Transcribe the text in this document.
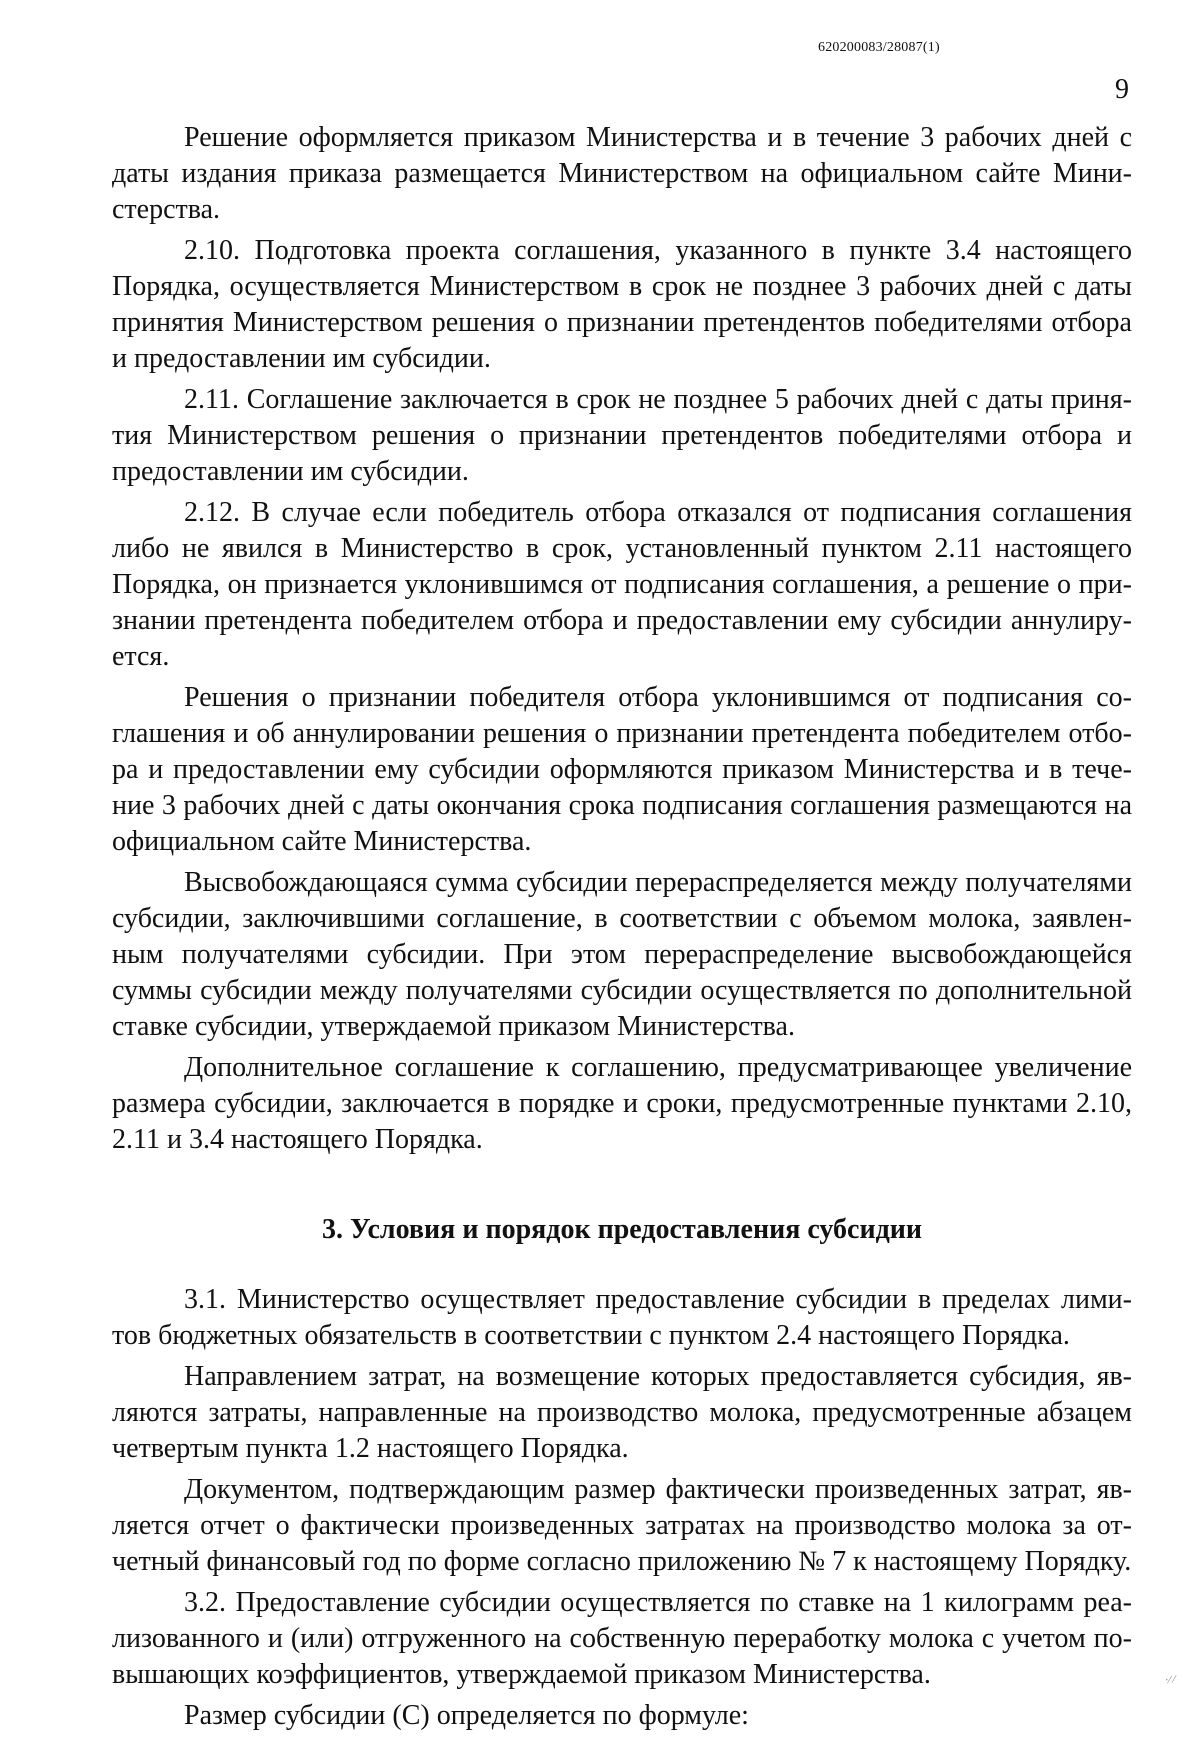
620200083/28087(1)
9

Решение оформляется приказом Министерства и в течение 3 рабочих дней с даты издания приказа размещается Министерством на официальном сайте Министерства.

2.10. Подготовка проекта соглашения, указанного в пункте 3.4 настоящего Порядка, осуществляется Министерством в срок не позднее 3 рабочих дней с даты принятия Министерством решения о признании претендентов победителями отбора и предоставлении им субсидии.

2.11. Соглашение заключается в срок не позднее 5 рабочих дней с даты принятия Министерством решения о признании претендентов победителями отбора и предоставлении им субсидии.

2.12. В случае если победитель отбора отказался от подписания соглашения либо не явился в Министерство в срок, установленный пунктом 2.11 настоящего Порядка, он признается уклонившимся от подписания соглашения, а решение о признании претендента победителем отбора и предоставлении ему субсидии аннулируется.

Решения о признании победителя отбора уклонившимся от подписания соглашения и об аннулировании решения о признании претендента победителем отбора и предоставлении ему субсидии оформляются приказом Министерства и в течение 3 рабочих дней с даты окончания срока подписания соглашения размещаются на официальном сайте Министерства.

Высвобождающаяся сумма субсидии перераспределяется между получателями субсидии, заключившими соглашение, в соответствии с объемом молока, заявленным получателями субсидии. При этом перераспределение высвобождающейся суммы субсидии между получателями субсидии осуществляется по дополнительной ставке субсидии, утверждаемой приказом Министерства.

Дополнительное соглашение к соглашению, предусматривающее увеличение размера субсидии, заключается в порядке и сроки, предусмотренные пунктами 2.10, 2.11 и 3.4 настоящего Порядка.

3. Условия и порядок предоставления субсидии

3.1. Министерство осуществляет предоставление субсидии в пределах лимитов бюджетных обязательств в соответствии с пунктом 2.4 настоящего Порядка.

Направлением затрат, на возмещение которых предоставляется субсидия, являются затраты, направленные на производство молока, предусмотренные абзацем четвертым пункта 1.2 настоящего Порядка.

Документом, подтверждающим размер фактически произведенных затрат, является отчет о фактически произведенных затратах на производство молока за отчетный финансовый год по форме согласно приложению № 7 к настоящему Порядку.

3.2. Предоставление субсидии осуществляется по ставке на 1 килограмм реализованного и (или) отгруженного на собственную переработку молока с учетом повышающих коэффициентов, утверждаемой приказом Министерства.

Размер субсидии (С) определяется по формуле:

·⁄ ⁄
